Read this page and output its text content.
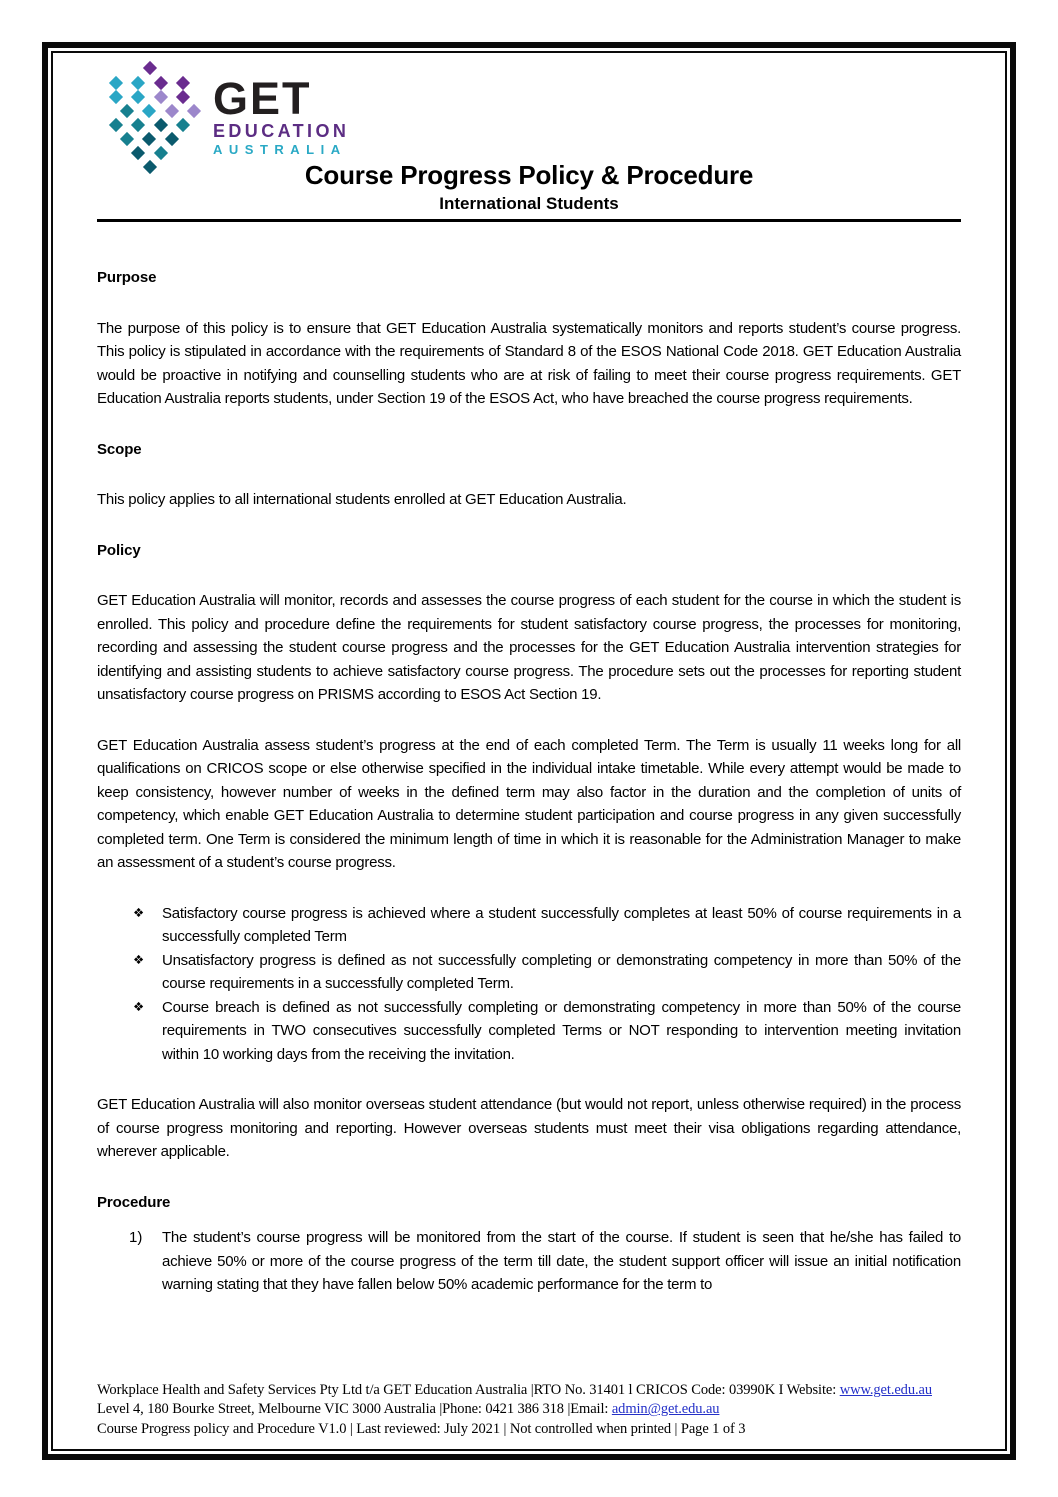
GET
EDUCATION
AUSTRALIA
Course Progress Policy & Procedure
International Students
Purpose

The purpose of this policy is to ensure that GET Education Australia systematically monitors and reports student’s course progress. This policy is stipulated in accordance with the requirements of Standard 8 of the ESOS National Code 2018. GET Education Australia would be proactive in notifying and counselling students who are at risk of failing to meet their course progress requirements. GET Education Australia reports students, under Section 19 of the ESOS Act, who have breached the course progress requirements.

Scope

This policy applies to all international students enrolled at GET Education Australia.

Policy

GET Education Australia will monitor, records and assesses the course progress of each student for the course in which the student is enrolled. This policy and procedure define the requirements for student satisfactory course progress, the processes for monitoring, recording and assessing the student course progress and the processes for the GET Education Australia intervention strategies for identifying and assisting students to achieve satisfactory course progress. The procedure sets out the processes for reporting student unsatisfactory course progress on PRISMS according to ESOS Act Section 19.

GET Education Australia assess student’s progress at the end of each completed Term. The Term is usually 11 weeks long for all qualifications on CRICOS scope or else otherwise specified in the individual intake timetable. While every attempt would be made to keep consistency, however number of weeks in the defined term may also factor in the duration and the completion of units of competency, which enable GET Education Australia to determine student participation and course progress in any given successfully completed term. One Term is considered the minimum length of time in which it is reasonable for the Administration Manager to make an assessment of a student’s course progress.

❖ Satisfactory course progress is achieved where a student successfully completes at least 50% of course requirements in a successfully completed Term
❖ Unsatisfactory progress is defined as not successfully completing or demonstrating competency in more than 50% of the course requirements in a successfully completed Term.
❖ Course breach is defined as not successfully completing or demonstrating competency in more than 50% of the course requirements in TWO consecutives successfully completed Terms or NOT responding to intervention meeting invitation within 10 working days from the receiving the invitation.

GET Education Australia will also monitor overseas student attendance (but would not report, unless otherwise required) in the process of course progress monitoring and reporting. However overseas students must meet their visa obligations regarding attendance, wherever applicable.

Procedure
1) The student’s course progress will be monitored from the start of the course. If student is seen that he/she has failed to achieve 50% or more of the course progress of the term till date, the student support officer will issue an initial notification warning stating that they have fallen below 50% academic performance for the term to
Workplace Health and Safety Services Pty Ltd t/a GET Education Australia |RTO No. 31401 l CRICOS Code: 03990K I Website: www.get.edu.au
Level 4, 180 Bourke Street, Melbourne VIC 3000 Australia |Phone: 0421 386 318 |Email: admin@get.edu.au
Course Progress policy and Procedure V1.0 | Last reviewed: July 2021 | Not controlled when printed | Page 1 of 3
